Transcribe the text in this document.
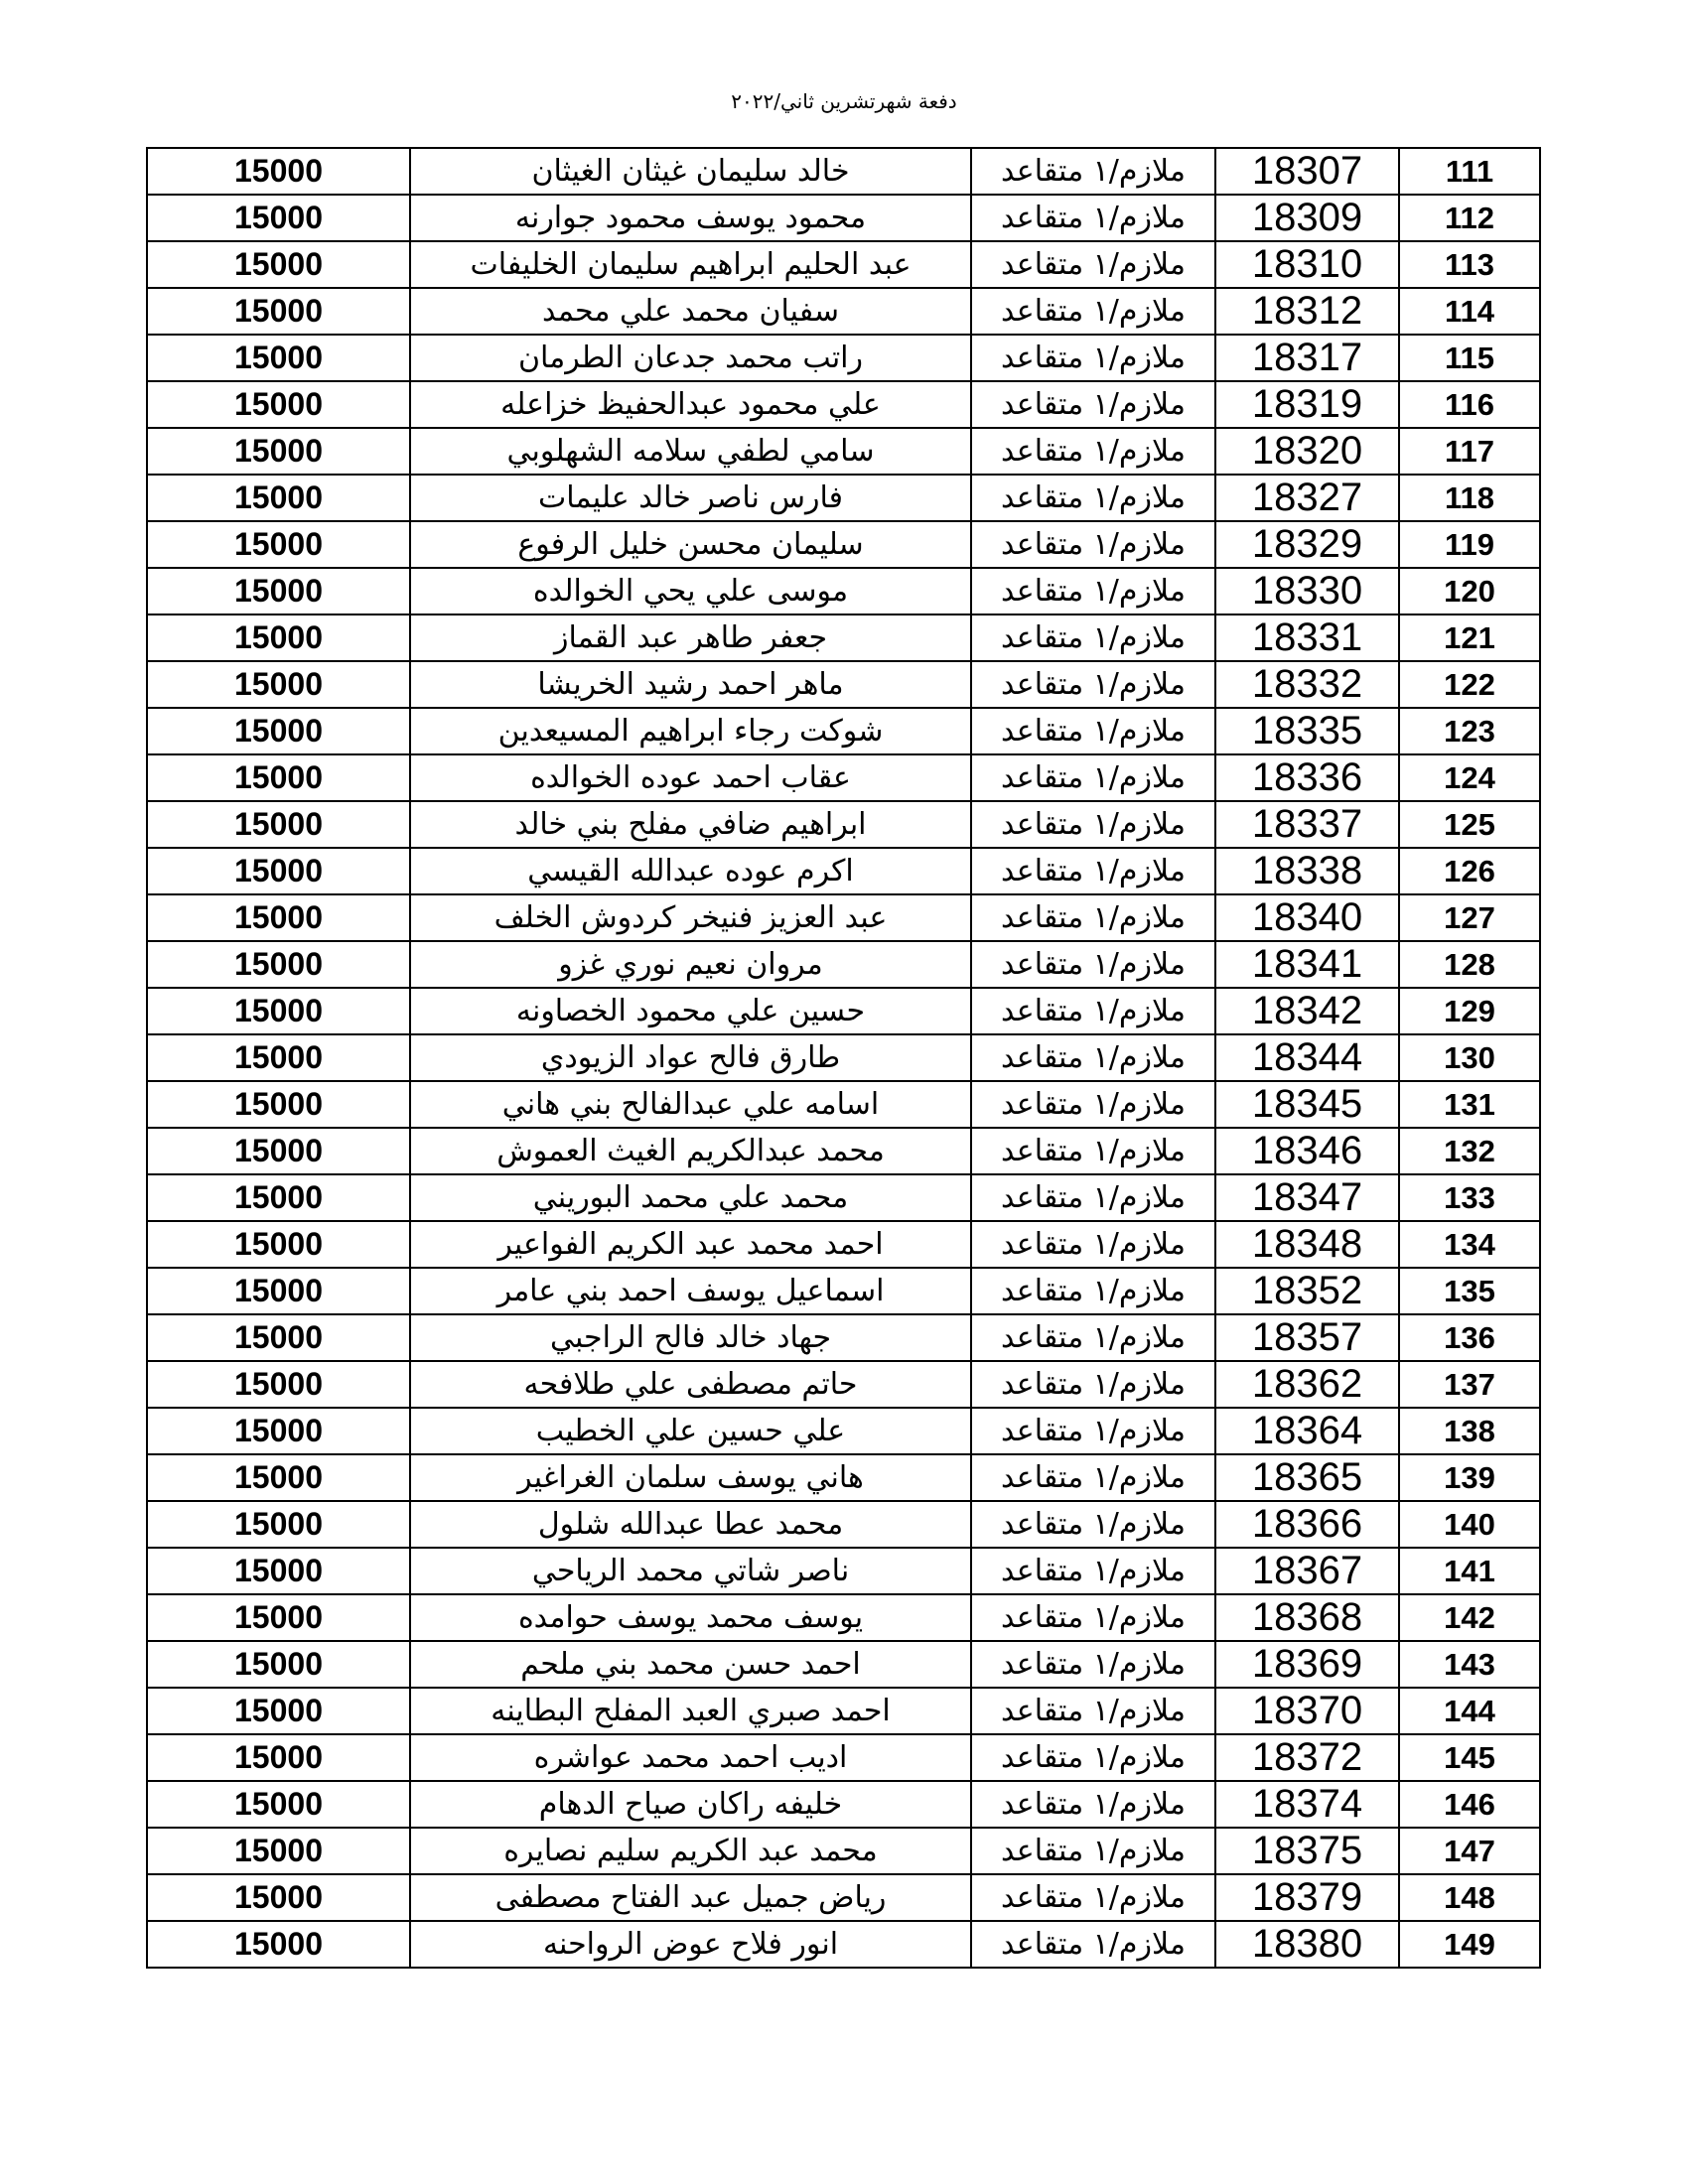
دفعة شهرتشرين ثاني/٢٠٢٢
15000	خالد سليمان غيثان الغيثان	ملازم/١ متقاعد	18307	111
15000	محمود يوسف محمود جوارنه	ملازم/١ متقاعد	18309	112
15000	عبد الحليم ابراهيم سليمان الخليفات	ملازم/١ متقاعد	18310	113
15000	سفيان محمد علي محمد	ملازم/١ متقاعد	18312	114
15000	راتب محمد جدعان الطرمان	ملازم/١ متقاعد	18317	115
15000	علي محمود عبدالحفيظ خزاعله	ملازم/١ متقاعد	18319	116
15000	سامي لطفي سلامه الشهلوبي	ملازم/١ متقاعد	18320	117
15000	فارس ناصر خالد عليمات	ملازم/١ متقاعد	18327	118
15000	سليمان محسن خليل الرفوع	ملازم/١ متقاعد	18329	119
15000	موسى علي يحي الخوالده	ملازم/١ متقاعد	18330	120
15000	جعفر طاهر عبد القماز	ملازم/١ متقاعد	18331	121
15000	ماهر احمد رشيد الخريشا	ملازم/١ متقاعد	18332	122
15000	شوكت رجاء ابراهيم المسيعدين	ملازم/١ متقاعد	18335	123
15000	عقاب احمد عوده الخوالده	ملازم/١ متقاعد	18336	124
15000	ابراهيم ضافي مفلح بني خالد	ملازم/١ متقاعد	18337	125
15000	اكرم عوده عبدالله القيسي	ملازم/١ متقاعد	18338	126
15000	عبد العزيز فنيخر كردوش الخلف	ملازم/١ متقاعد	18340	127
15000	مروان نعيم نوري غزو	ملازم/١ متقاعد	18341	128
15000	حسين علي محمود الخصاونه	ملازم/١ متقاعد	18342	129
15000	طارق فالح عواد الزيودي	ملازم/١ متقاعد	18344	130
15000	اسامه علي عبدالفالح بني هاني	ملازم/١ متقاعد	18345	131
15000	محمد عبدالكريم الغيث العموش	ملازم/١ متقاعد	18346	132
15000	محمد علي محمد البوريني	ملازم/١ متقاعد	18347	133
15000	احمد محمد عبد الكريم الفواعير	ملازم/١ متقاعد	18348	134
15000	اسماعيل يوسف احمد بني عامر	ملازم/١ متقاعد	18352	135
15000	جهاد خالد فالح الراجبي	ملازم/١ متقاعد	18357	136
15000	حاتم مصطفى علي طلافحه	ملازم/١ متقاعد	18362	137
15000	علي حسين علي الخطيب	ملازم/١ متقاعد	18364	138
15000	هاني يوسف سلمان الغراغير	ملازم/١ متقاعد	18365	139
15000	محمد عطا عبدالله شلول	ملازم/١ متقاعد	18366	140
15000	ناصر شاتي محمد الرياحي	ملازم/١ متقاعد	18367	141
15000	يوسف محمد يوسف حوامده	ملازم/١ متقاعد	18368	142
15000	احمد حسن محمد بني ملحم	ملازم/١ متقاعد	18369	143
15000	احمد صبري العبد المفلح البطاينه	ملازم/١ متقاعد	18370	144
15000	اديب احمد محمد عواشره	ملازم/١ متقاعد	18372	145
15000	خليفه راكان صياح الدهام	ملازم/١ متقاعد	18374	146
15000	محمد عبد الكريم سليم نصايره	ملازم/١ متقاعد	18375	147
15000	رياض جميل عبد الفتاح مصطفى	ملازم/١ متقاعد	18379	148
15000	انور فلاح عوض الرواحنه	ملازم/١ متقاعد	18380	149
